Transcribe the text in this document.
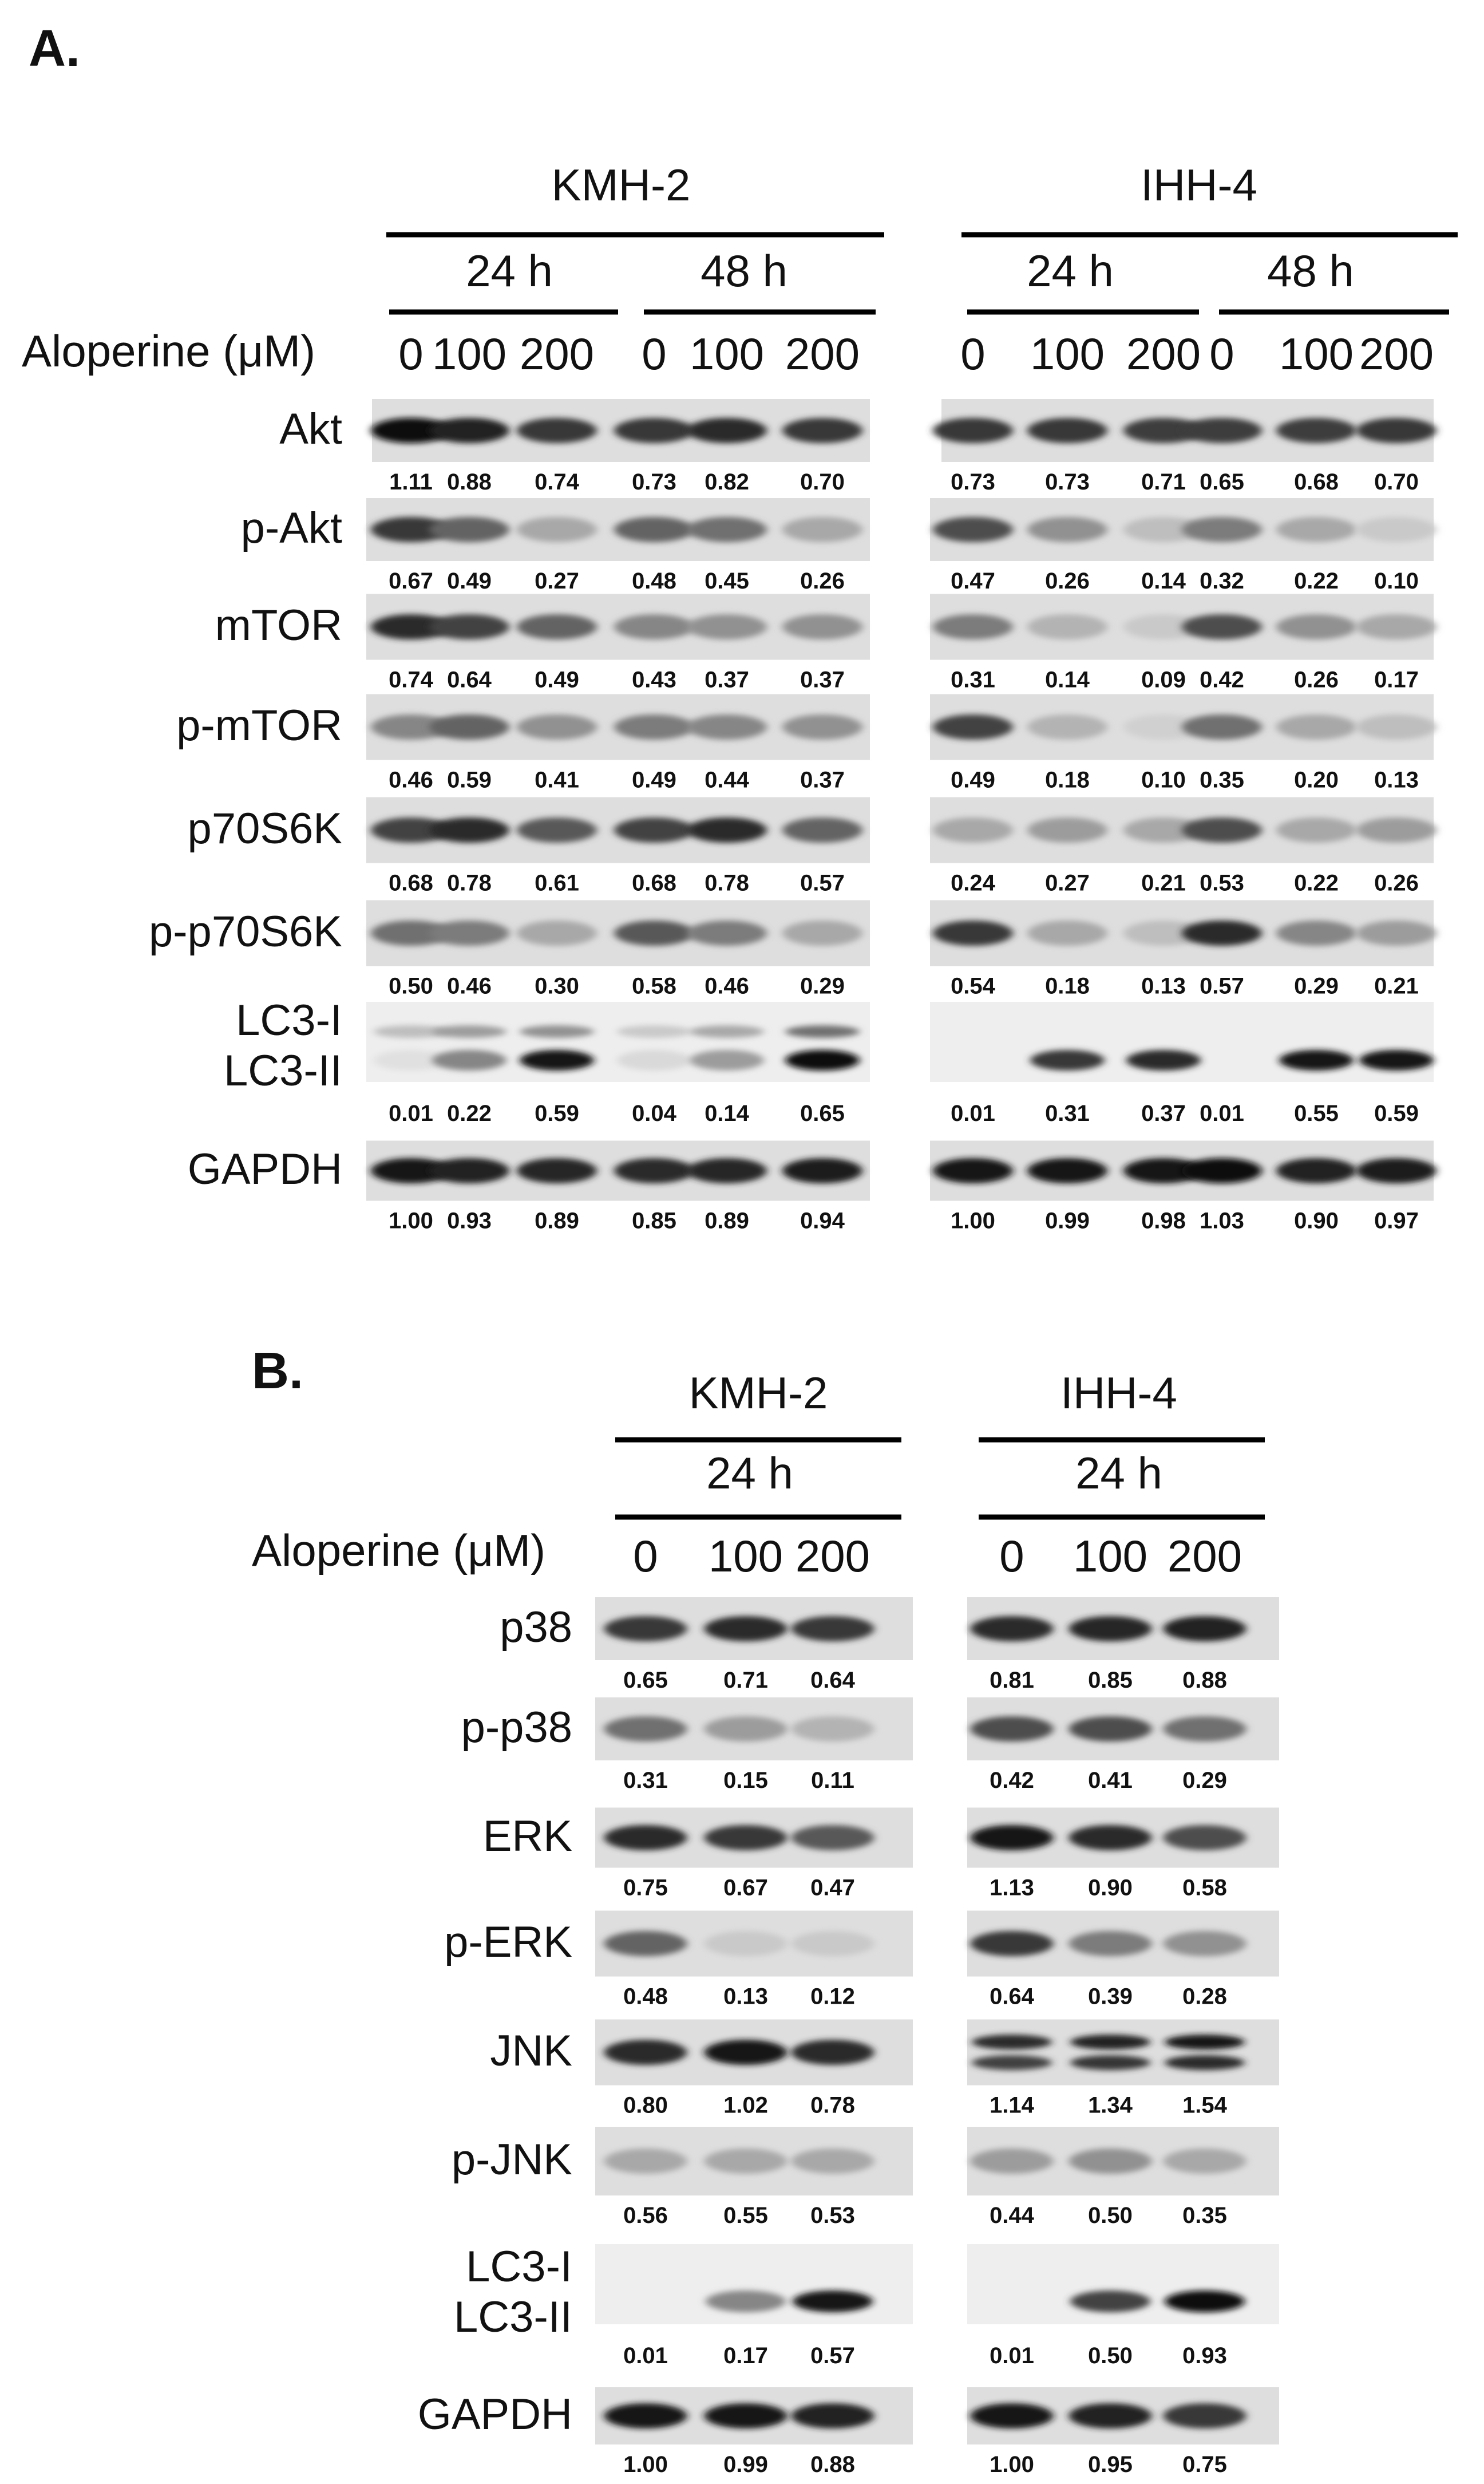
A.
KMH-2	IHH-4
24 h	48 h	24 h	48 h
Aloperine (μM) 0 100 200 0 100 200 0 100 200 0 100 200
Akt
1.11 0.88 0.74 0.73 0.82 0.70	0.73 0.73 0.71 0.65 0.68 0.70
p-Akt
0.67 0.49 0.27 0.48 0.45 0.26	0.47 0.26 0.14 0.32 0.22 0.10
mTOR
0.74 0.64 0.49 0.43 0.37 0.37	0.31 0.14 0.09 0.42 0.26 0.17
p-mTOR
0.46 0.59 0.41 0.49 0.44 0.37	0.49 0.18 0.10 0.35 0.20 0.13
p70S6K
0.68 0.78 0.61 0.68 0.78 0.57	0.24 0.27 0.21 0.53 0.22 0.26
p-p70S6K
0.50 0.46 0.30 0.58 0.46 0.29	0.54 0.18 0.13 0.57 0.29 0.21
LC3-I
LC3-II
0.01 0.22 0.59 0.04 0.14 0.65	0.01 0.31 0.37 0.01 0.55 0.59
GAPDH
1.00 0.93 0.89 0.85 0.89 0.94	1.00 0.99 0.98 1.03 0.90 0.97
B.	KMH-2	IHH-4
24 h	24 h
Aloperine (μM) 0 100 200	0 100 200
p38
0.65 0.71 0.64	0.81 0.85 0.88
p-p38
0.31 0.15 0.11	0.42 0.41 0.29
ERK
0.75 0.67 0.47	1.13 0.90 0.58
p-ERK
0.48 0.13 0.12	0.64 0.39 0.28
JNK
0.80 1.02 0.78	1.14 1.34 1.54
p-JNK
0.56 0.55 0.53	0.44 0.50 0.35
LC3-I
LC3-II
0.01 0.17 0.57	0.01 0.50 0.93
GAPDH
1.00 0.99 0.88	1.00 0.95 0.75
